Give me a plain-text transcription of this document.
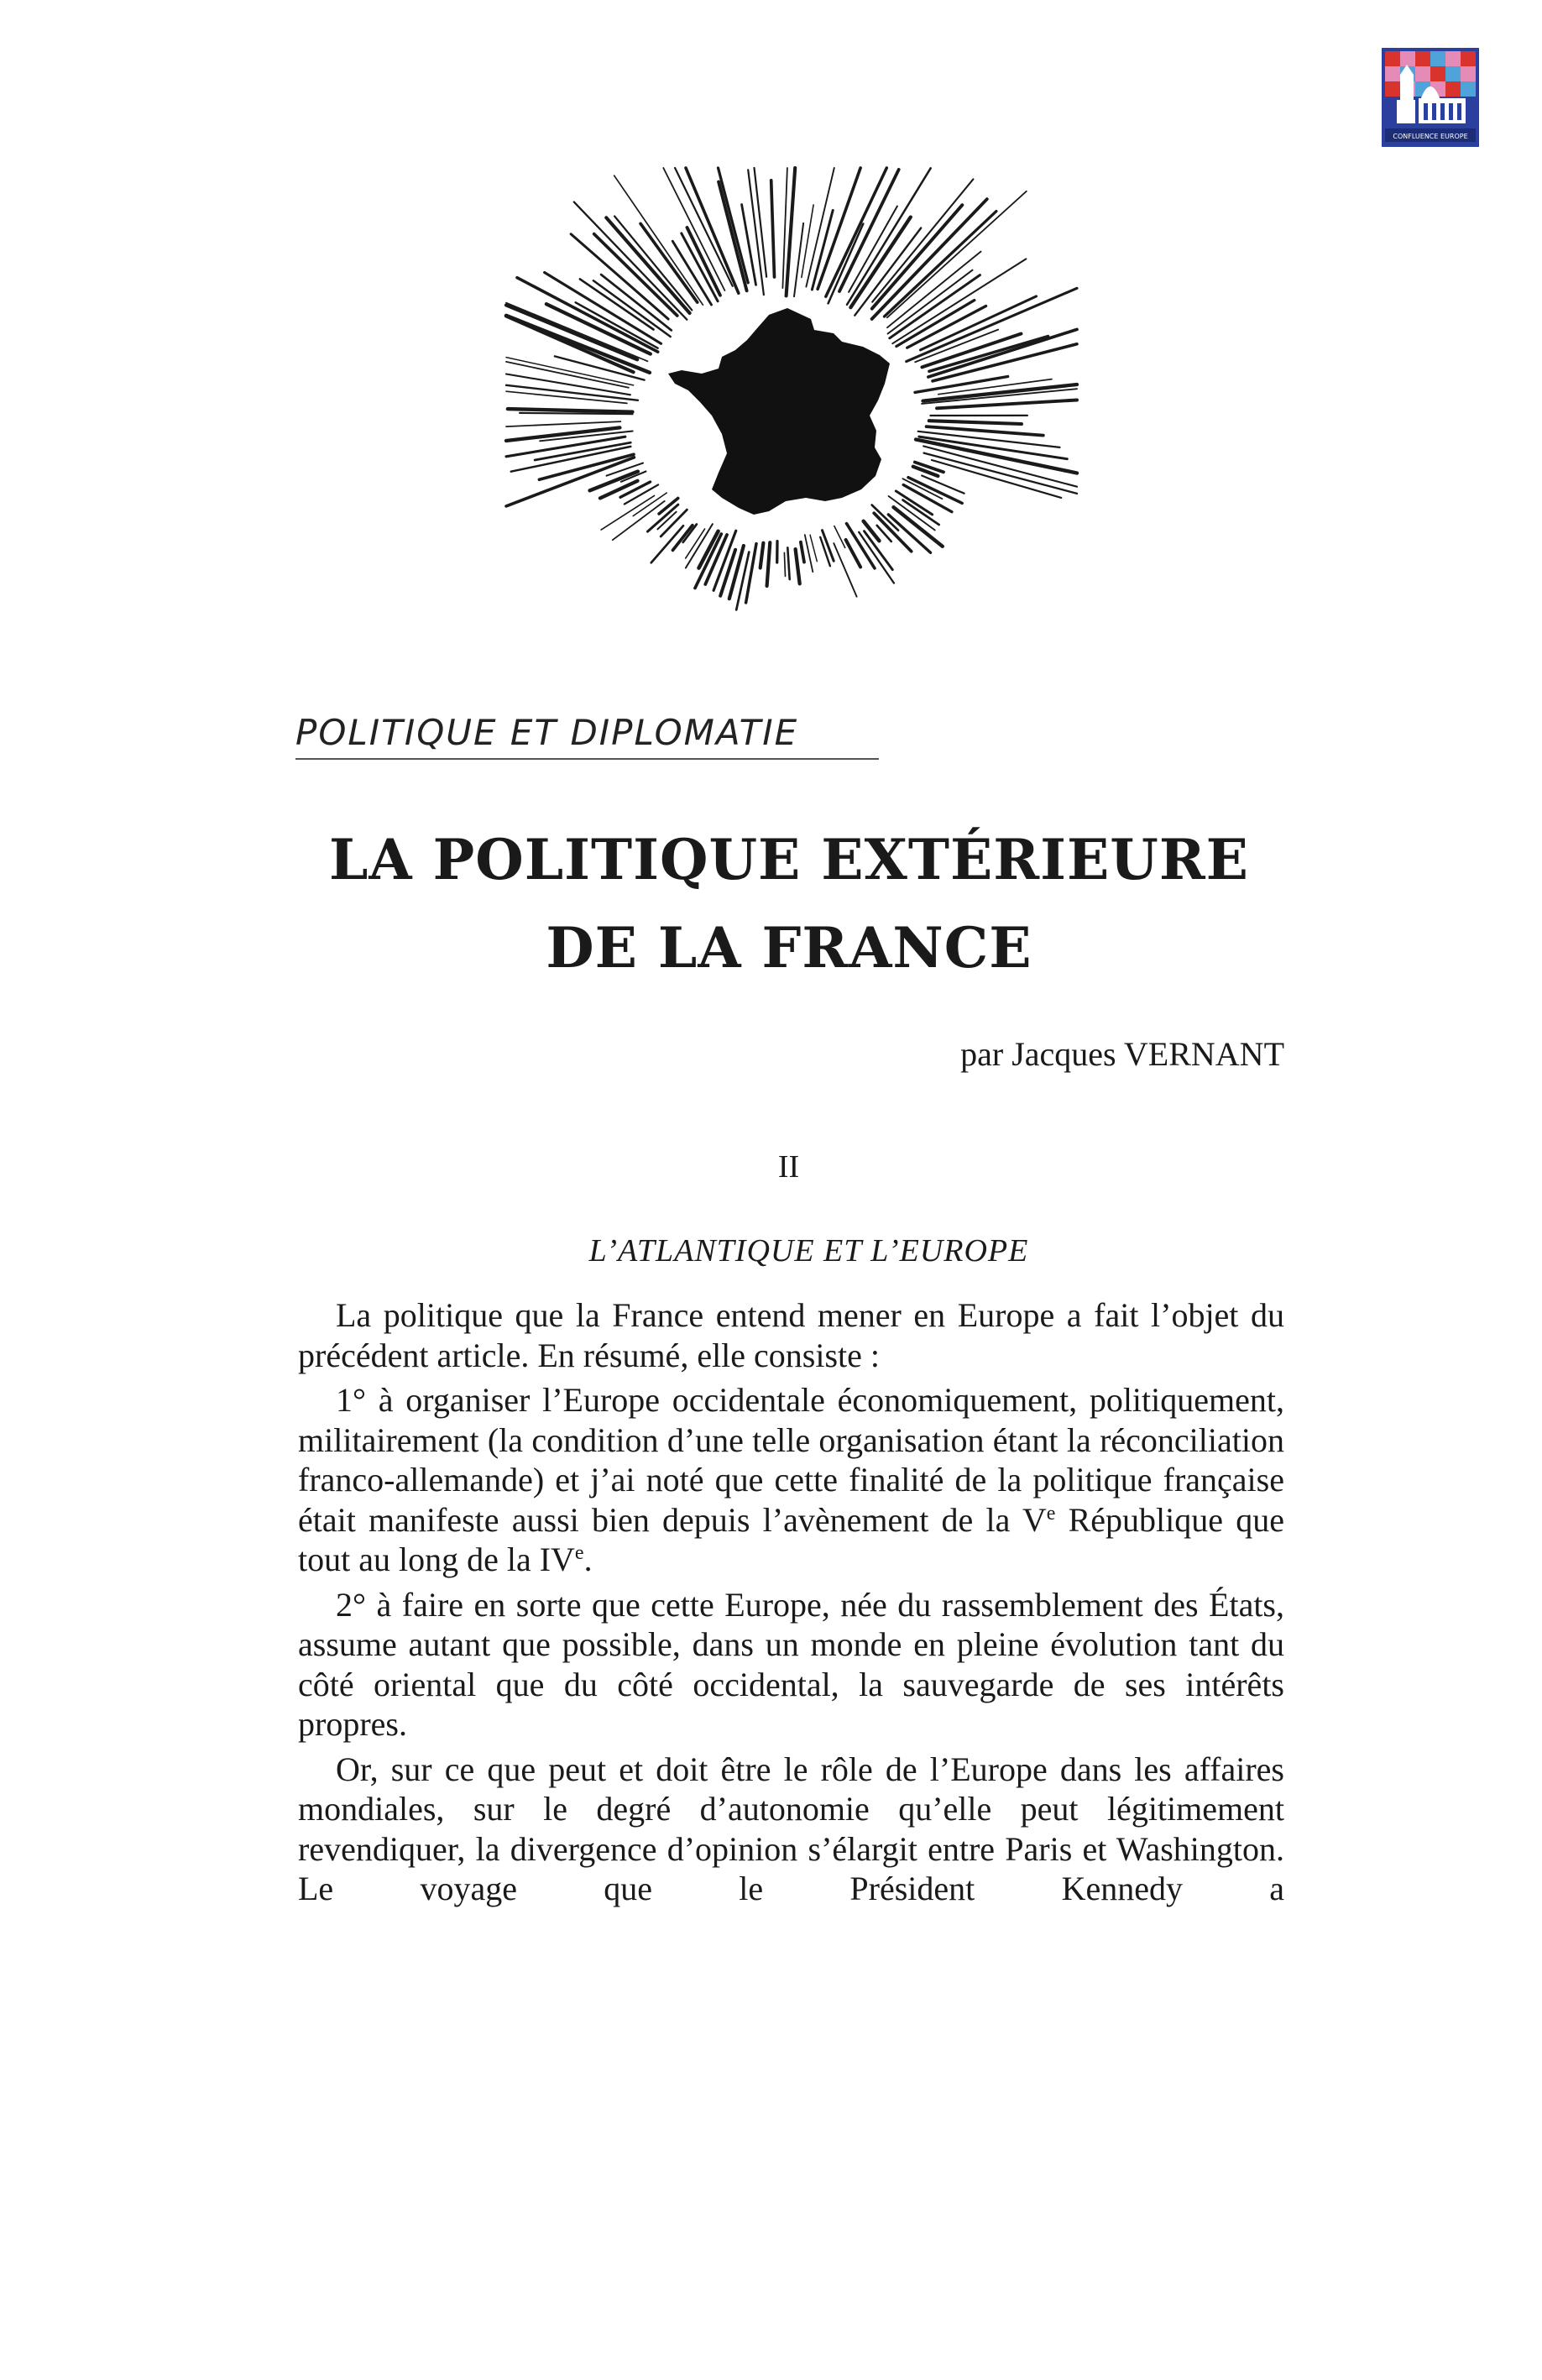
CONFLUENCE EUROPE
POLITIQUE ET DIPLOMATIE
LA POLITIQUE EXTÉRIEURE
DE LA FRANCE
par Jacques VERNANT
II
L’ATLANTIQUE ET L’EUROPE

La politique que la France entend mener en Europe a fait l’objet du précédent article. En résumé, elle consiste :

1° à organiser l’Europe occidentale économiquement, politiquement, militairement (la condition d’une telle organisation étant la réconciliation franco-allemande) et j’ai noté que cette finalité de la politique française était manifeste aussi bien depuis l’avènement de la Ve République que tout au long de la IVe.

2° à faire en sorte que cette Europe, née du rassemblement des États, assume autant que possible, dans un monde en pleine évolution tant du côté oriental que du côté occidental, la sauvegarde de ses intérêts propres.

Or, sur ce que peut et doit être le rôle de l’Europe dans les affaires mondiales, sur le degré d’autonomie qu’elle peut légitimement revendiquer, la divergence d’opinion s’élargit entre Paris et Washington. Le voyage que le Président Kennedy a
